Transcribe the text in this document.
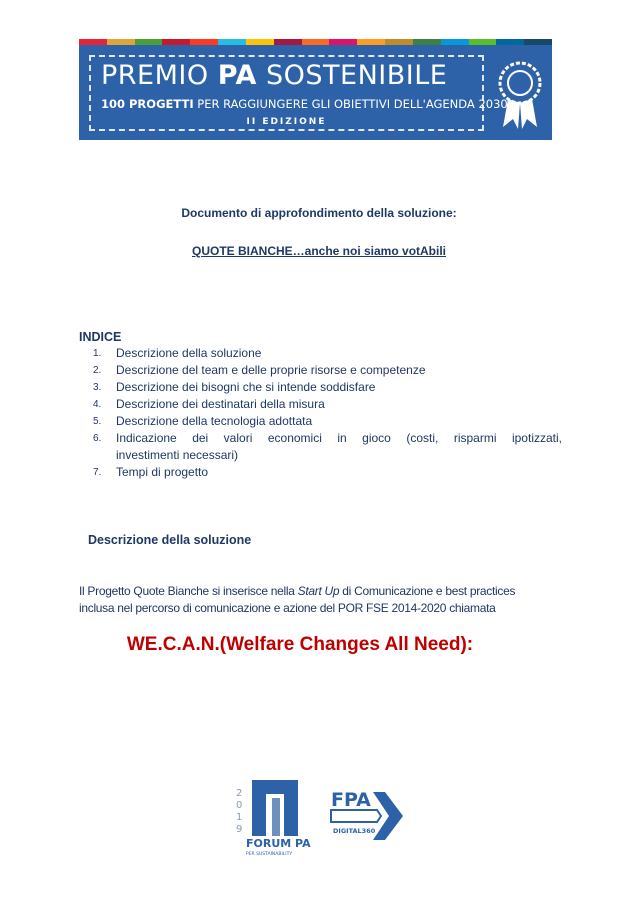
PREMIO PA SOSTENIBILE
100 PROGETTI PER RAGGIUNGERE GLI OBIETTIVI DELL'AGENDA 2030
II EDIZIONE
Documento di approfondimento della soluzione:
QUOTE BIANCHE…anche noi siamo votAbili
INDICE
1. Descrizione della soluzione
2. Descrizione del team e delle proprie risorse e competenze
3. Descrizione dei bisogni che si intende soddisfare
4. Descrizione dei destinatari della misura
5. Descrizione della tecnologia adottata
6. Indicazione dei valori economici in gioco (costi, risparmi ipotizzati,
investimenti necessari)
7. Tempi di progetto
Descrizione della soluzione
Il Progetto Quote Bianche si inserisce nella Start Up di Comunicazione e best practices
inclusa nel percorso di comunicazione e azione del POR FSE 2014-2020 chiamata
WE.C.A.N.(Welfare Changes All Need):
2
0
1
9
FORUM PA
PER SUSTAINABILITY
FPA
DIGITAL360
